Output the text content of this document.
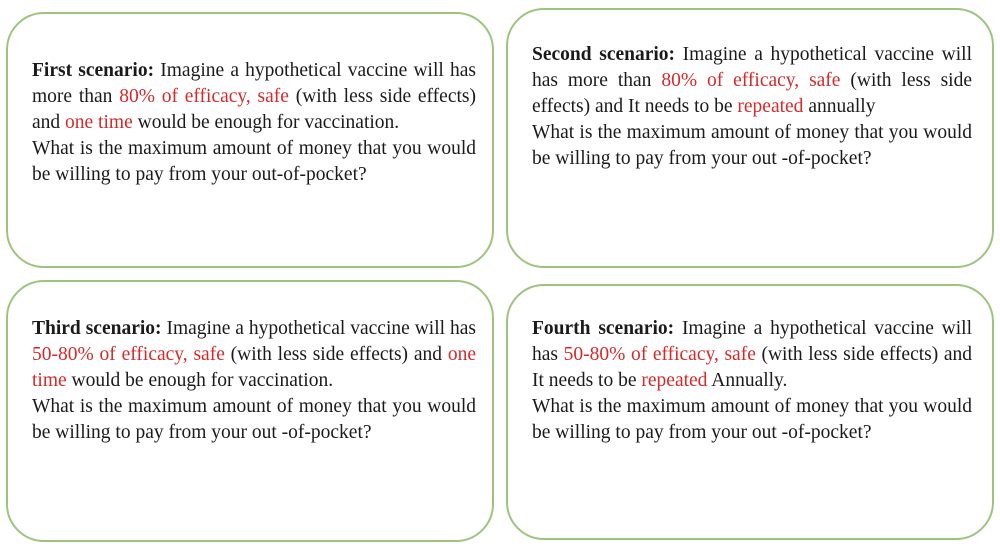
First scenario: Imagine a hypothetical vaccine will has more than 80% of efficacy, safe (with less side effects) and one time would be enough for vaccination.

What is the maximum amount of money that you would be willing to pay from your out-of-pocket?

Second scenario: Imagine a hypothetical vaccine will has more than 80% of efficacy, safe (with less side effects) and It needs to be repeated annually

What is the maximum amount of money that you would be willing to pay from your out -of-pocket?

Third scenario: Imagine a hypothetical vaccine will has 50-80% of efficacy, safe (with less side effects) and one time would be enough for vaccination.

What is the maximum amount of money that you would be willing to pay from your out -of-pocket?

Fourth scenario: Imagine a hypothetical vaccine will has 50-80% of efficacy, safe (with less side effects) and It needs to be repeated Annually.

What is the maximum amount of money that you would be willing to pay from your out -of-pocket?
